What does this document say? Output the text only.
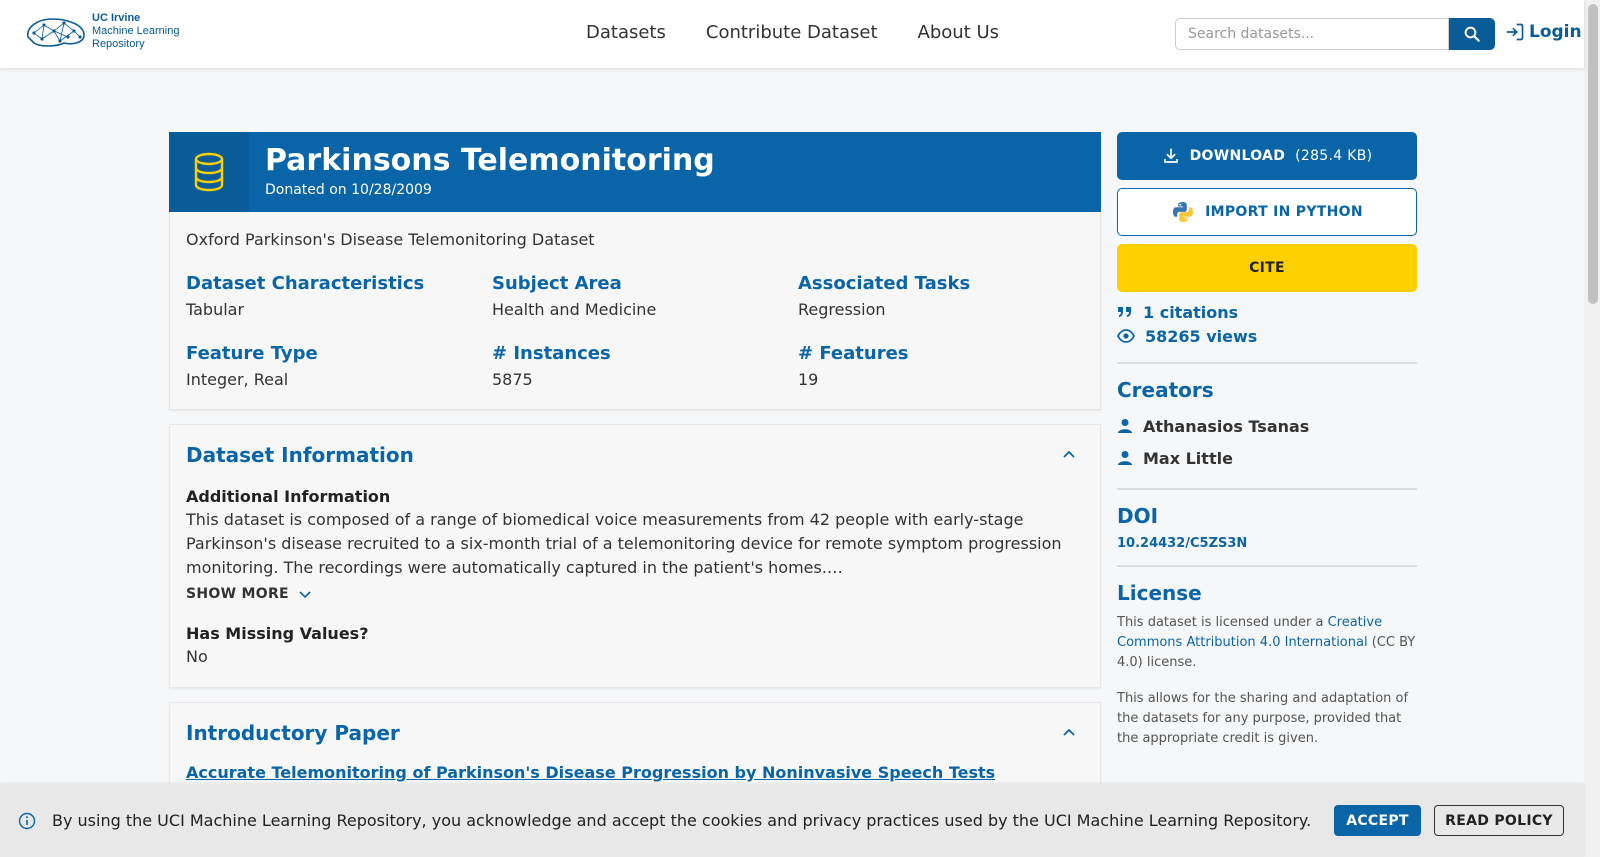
UC Irvine
Machine Learning
Repository
Datasets Contribute Dataset About Us
Search datasets...	Login
Parkinsons Telemonitoring
Donated on 10/28/2009
Oxford Parkinson's Disease Telemonitoring Dataset
Dataset Characteristics
Tabular
Subject Area
Health and Medicine
Associated Tasks
Regression
Feature Type
Integer, Real
# Instances
5875
# Features
19
Dataset Information
Additional Information
This dataset is composed of a range of biomedical voice measurements from 42 people with early-stage Parkinson's disease recruited to a six-month trial of a telemonitoring device for remote symptom progression monitoring. The recordings were automatically captured in the patient's homes.…
SHOW MORE
Has Missing Values?
No
Introductory Paper
Accurate Telemonitoring of Parkinson's Disease Progression by Noninvasive Speech Tests
DOWNLOAD (285.4 KB)
IMPORT IN PYTHON
CITE
1 citations
58265 views
Creators
Athanasios Tsanas
Max Little
DOI
10.24432/C5ZS3N
License
This dataset is licensed under a Creative Commons Attribution 4.0 International (CC BY 4.0) license.
This allows for the sharing and adaptation of the datasets for any purpose, provided that the appropriate credit is given.
By using the UCI Machine Learning Repository, you acknowledge and accept the cookies and privacy practices used by the UCI Machine Learning Repository.	ACCEPT	READ POLICY
